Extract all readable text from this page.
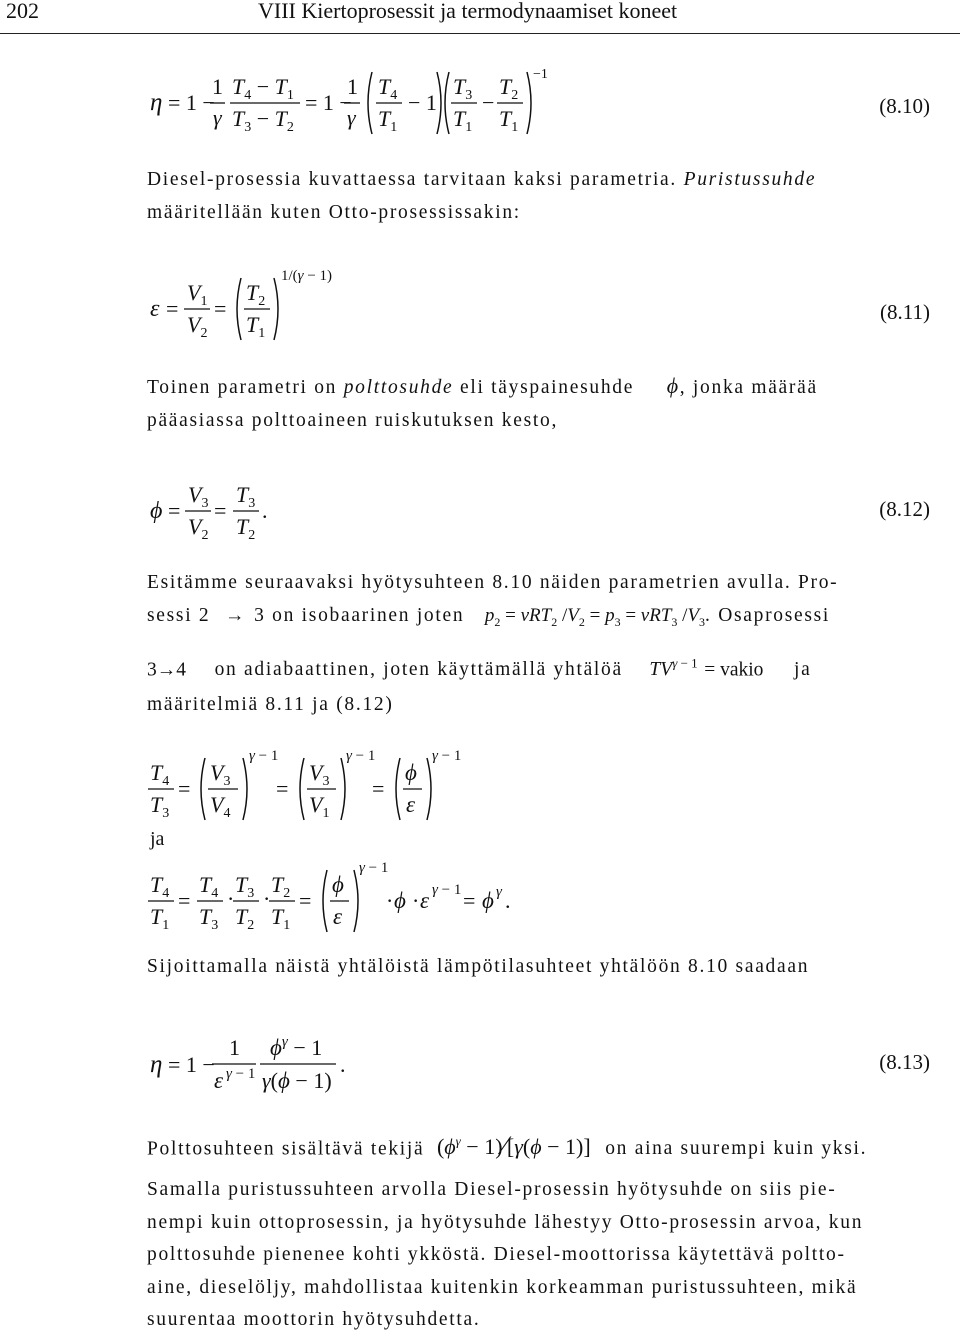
202	VIII Kiertoprosessit ja termodynaamiset koneet
η = 1 −
1
γ
$T_4 - T_1$
$T_3 - T_2$
= 1 −
1
γ
$T_4$
$T_1$
− 1
$T_3$
$T_1$
−
$T_2$
$T_1$
−1
(8.10)
Diesel-prosessia kuvattaessa tarvitaan kaksi parametria. Puristussuhde
määritellään kuten Otto-prosessissakin:
ε =
$V_1$
$V_2$
=
$T_2$
$T_1$
1/(γ − 1)
(8.11)
Toinen parametri on polttosuhde eli täyspainesuhde ϕ, jonka määrää
pääasiassa polttoaineen ruiskutuksen kesto,
ϕ =
$V_3$
$V_2$
=
$T_3$
$T_2$
.	(8.12)
Esitämme seuraavaksi hyötysuhteen 8.10 näiden parametrien avulla. Pro-
sessi 2 → 3 on isobaarinen joten $p_2 = \nu RT_2$ $/V_2 = p_3 = \nu RT_3$ $/V_3$. Osaprosessi
3→4 on adiabaattinen, joten käyttämällä yhtälöä $TV^{\gamma - 1}$ = vakio ja
määritelmiä 8.11 ja (8.12)
$T_4$
$T_3$
=
$V_3$
$V_4$
γ − 1
=
$V_3$
$V_1$
γ − 1
=
ϕ
ε
γ − 1
ja
$T_4$
$T_1$
=
$T_4$
$T_3$
·
$T_3$
$T_2$
·
$T_2$
$T_1$
=
ϕ
ε
γ − 1
· ϕ · ε γ − 1 = ϕ γ .
Sijoittamalla näistä yhtälöistä lämpötilasuhteet yhtälöön 8.10 saadaan
η = 1 −
1
ε γ − 1
$\phi^\gamma - 1$
γ(ϕ − 1)
.	(8.13)
Polttosuhteen sisältävä tekijä ($\phi^\gamma$ − 1)⁄[γ(ϕ − 1)] on aina suurempi kuin yksi.
Samalla puristussuhteen arvolla Diesel-prosessin hyötysuhde on siis pie-
nempi kuin ottoprosessin, ja hyötysuhde lähestyy Otto-prosessin arvoa, kun
polttosuhde pienenee kohti ykköstä. Diesel-moottorissa käytettävä poltto-
aine, dieselöljy, mahdollistaa kuitenkin korkeamman puristussuhteen, mikä
suurentaa moottorin hyötysuhdetta.
